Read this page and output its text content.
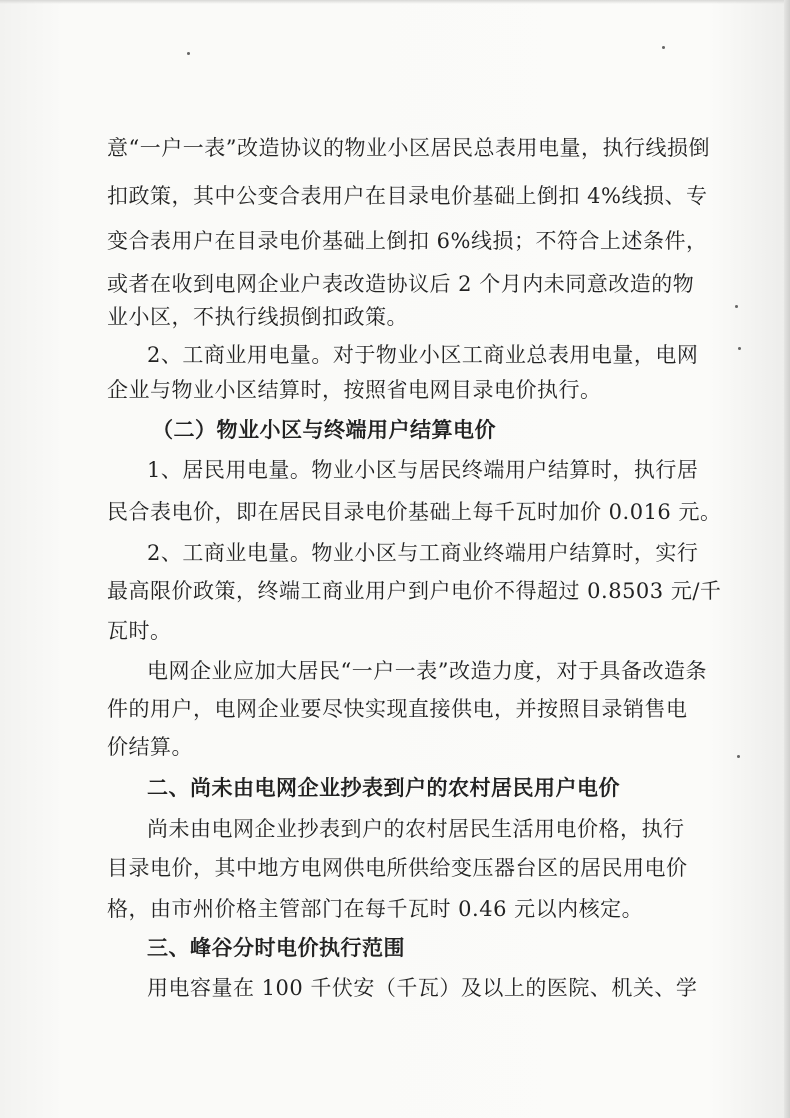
意“一户一表”改造协议的物业小区居民总表用电量，执行线损倒
扣政策，其中公变合表用户在目录电价基础上倒扣 4%线损、专
变合表用户在目录电价基础上倒扣 6%线损；不符合上述条件，
或者在收到电网企业户表改造协议后 2 个月内未同意改造的物
业小区，不执行线损倒扣政策。
2、工商业用电量。对于物业小区工商业总表用电量，电网
企业与物业小区结算时，按照省电网目录电价执行。
（二）物业小区与终端用户结算电价
1、居民用电量。物业小区与居民终端用户结算时，执行居
民合表电价，即在居民目录电价基础上每千瓦时加价 0.016 元。
2、工商业电量。物业小区与工商业终端用户结算时，实行
最高限价政策，终端工商业用户到户电价不得超过 0.8503 元/千
瓦时。
电网企业应加大居民“一户一表”改造力度，对于具备改造条
件的用户，电网企业要尽快实现直接供电，并按照目录销售电
价结算。
二、尚未由电网企业抄表到户的农村居民用户电价
尚未由电网企业抄表到户的农村居民生活用电价格，执行
目录电价，其中地方电网供电所供给变压器台区的居民用电价
格，由市州价格主管部门在每千瓦时 0.46 元以内核定。
三、峰谷分时电价执行范围
用电容量在 100 千伏安（千瓦）及以上的医院、机关、学
